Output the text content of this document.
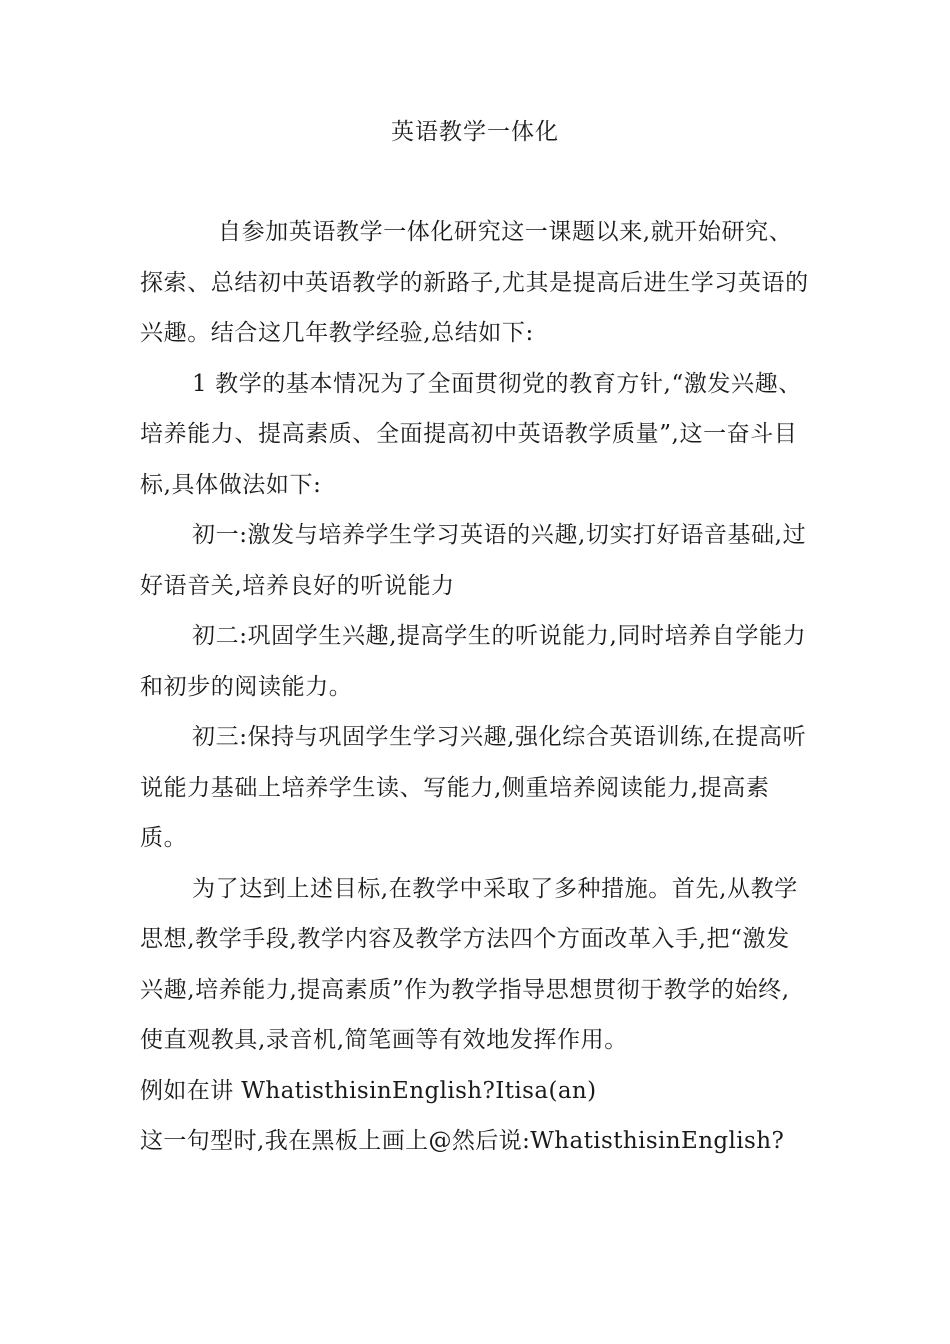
英语教学一体化

自参加英语教学一体化研究这一课题以来,就开始研究、探索、总结初中英语教学的新路子,尤其是提高后进生学习英语的兴趣。结合这几年教学经验,总结如下:

1 教学的基本情况为了全面贯彻党的教育方针,“激发兴趣、培养能力、提高素质、全面提高初中英语教学质量”,这一奋斗目标,具体做法如下:

初一:激发与培养学生学习英语的兴趣,切实打好语音基础,过好语音关,培养良好的听说能力

初二:巩固学生兴趣,提高学生的听说能力,同时培养自学能力和初步的阅读能力。

初三:保持与巩固学生学习兴趣,强化综合英语训练,在提高听说能力基础上培养学生读、写能力,侧重培养阅读能力,提高素质。

为了达到上述目标,在教学中采取了多种措施。首先,从教学思想,教学手段,教学内容及教学方法四个方面改革入手,把“激发兴趣,培养能力,提高素质”作为教学指导思想贯彻于教学的始终,使直观教具,录音机,简笔画等有效地发挥作用。

例如在讲 WhatisthisinEnglish?Itisa(an)

这一句型时,我在黑板上画上@然后说:WhatisthisinEnglish?
